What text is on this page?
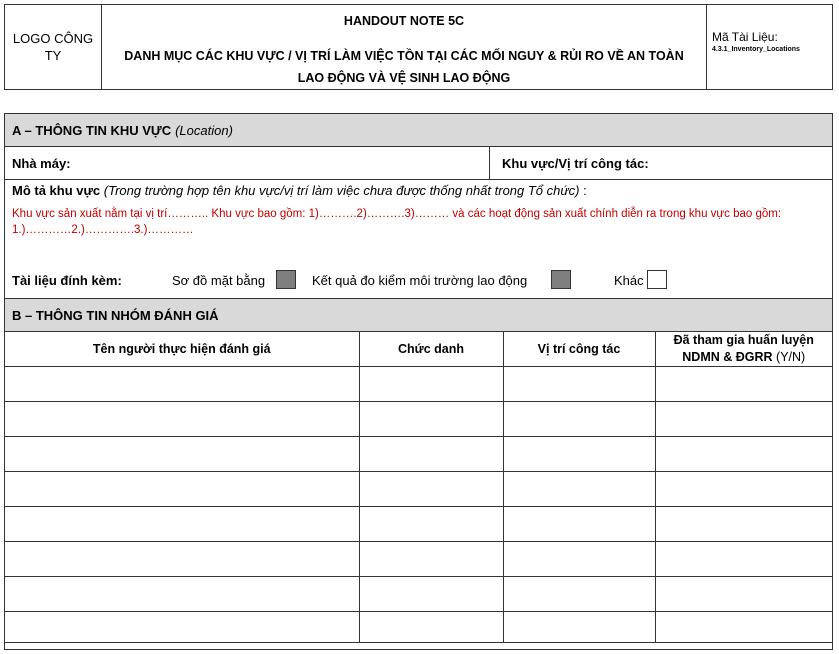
LOGO CÔNG TY
HANDOUT NOTE 5C
DANH MỤC CÁC KHU VỰC / VỊ TRÍ LÀM VIỆC TỒN TẠI CÁC MỐI NGUY & RỦI RO VỀ AN TOÀN LAO ĐỘNG VÀ VỆ SINH LAO ĐỘNG
Mã Tài Liệu:
4.3.1_Inventory_Locations
A – THÔNG TIN KHU VỰC (Location)
Nhà máy:	Khu vực/Vị trí công tác:
Mô tả khu vực (Trong trường hợp tên khu vực/vị trí làm việc chưa được thống nhất trong Tổ chức) :
Khu vực sản xuất nằm tại vị trí……….. Khu vực bao gồm: 1)……….2)……….3)……… và các hoạt động sản xuất chính diễn ra trong khu vực bao gồm: 1.)…………2.)………….3.)…………
Tài liệu đính kèm:	Sơ đồ mặt bằng	Kết quả đo kiểm môi trường lao động	Khác
B – THÔNG TIN NHÓM ĐÁNH GIÁ
Tên người thực hiện đánh giá	Chức danh	Vị trí công tác	Đã tham gia huấn luyện NDMN & ĐGRR (Y/N)
